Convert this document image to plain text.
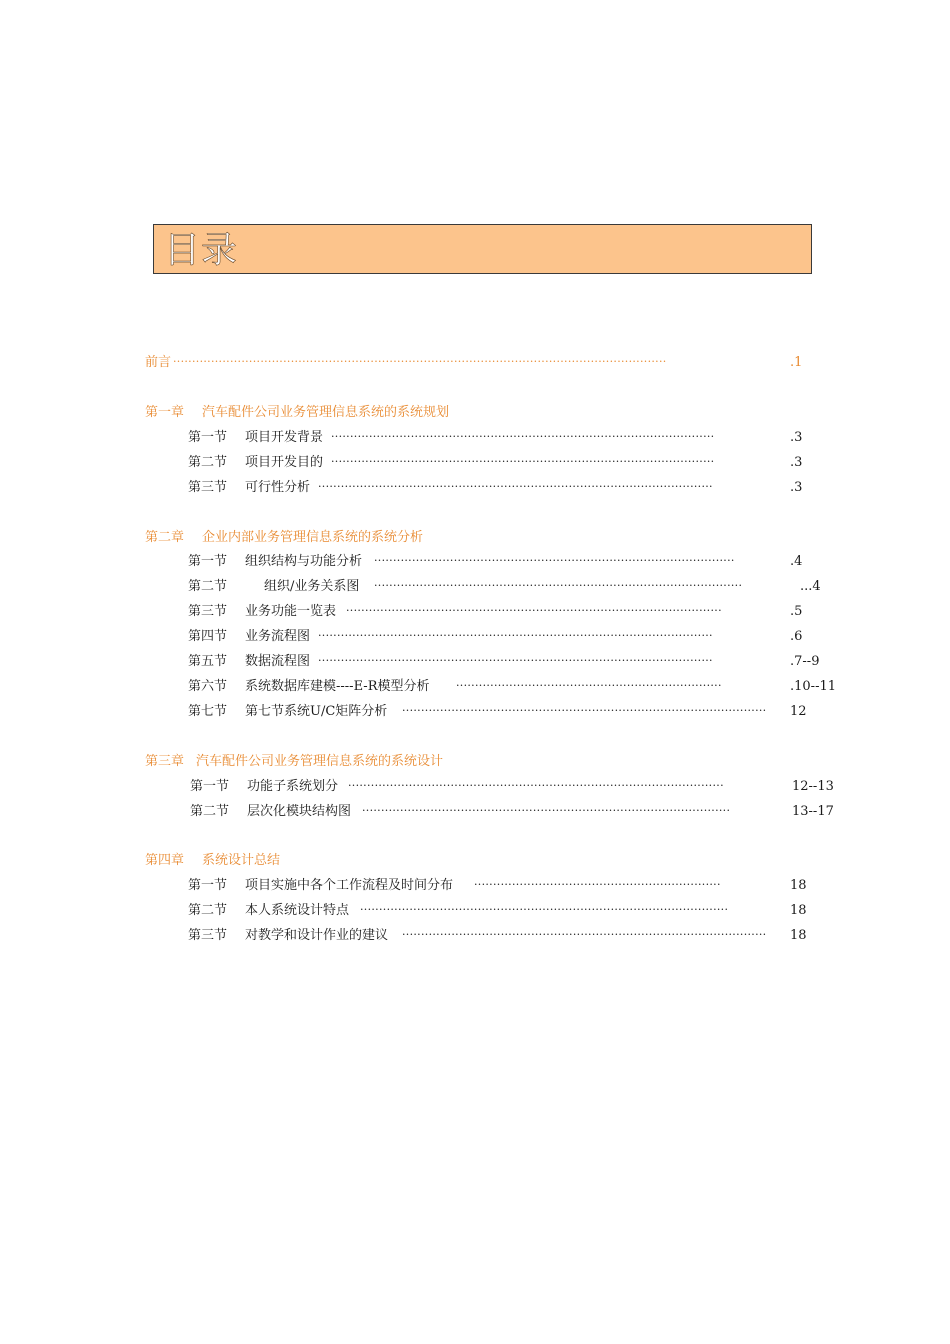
目录
前言 ··································································································································	.1
第一章 汽车配件公司业务管理信息系统的系统规划
第一节 项目开发背景 ·····································································································	.3
第二节 项目开发目的 ·····································································································	.3
第三节 可行性分析 ········································································································	.3
第二章 企业内部业务管理信息系统的系统分析
第一节 组织结构与功能分析 ·······························································································	.4
第二节	组织/业务关系图 ·································································································	...4
第三节 业务功能一览表 ···································································································	.5
第四节 业务流程图 ········································································································	.6
第五节 数据流程图 ········································································································	.7--9
第六节 系统数据库建模----E-R模型分析 ······································································	.10--11
第七节 第七节系统U/C矩阵分析 ································································································	12
第三章 汽车配件公司业务管理信息系统的系统设计
第一节 功能子系统划分 ···································································································	12--13
第二节 层次化模块结构图 ·································································································	13--17
第四章 系统设计总结
第一节 项目实施中各个工作流程及时间分布 ·································································	18
第二节 本人系统设计特点 ·································································································	18
第三节 对教学和设计作业的建议 ································································································	18
